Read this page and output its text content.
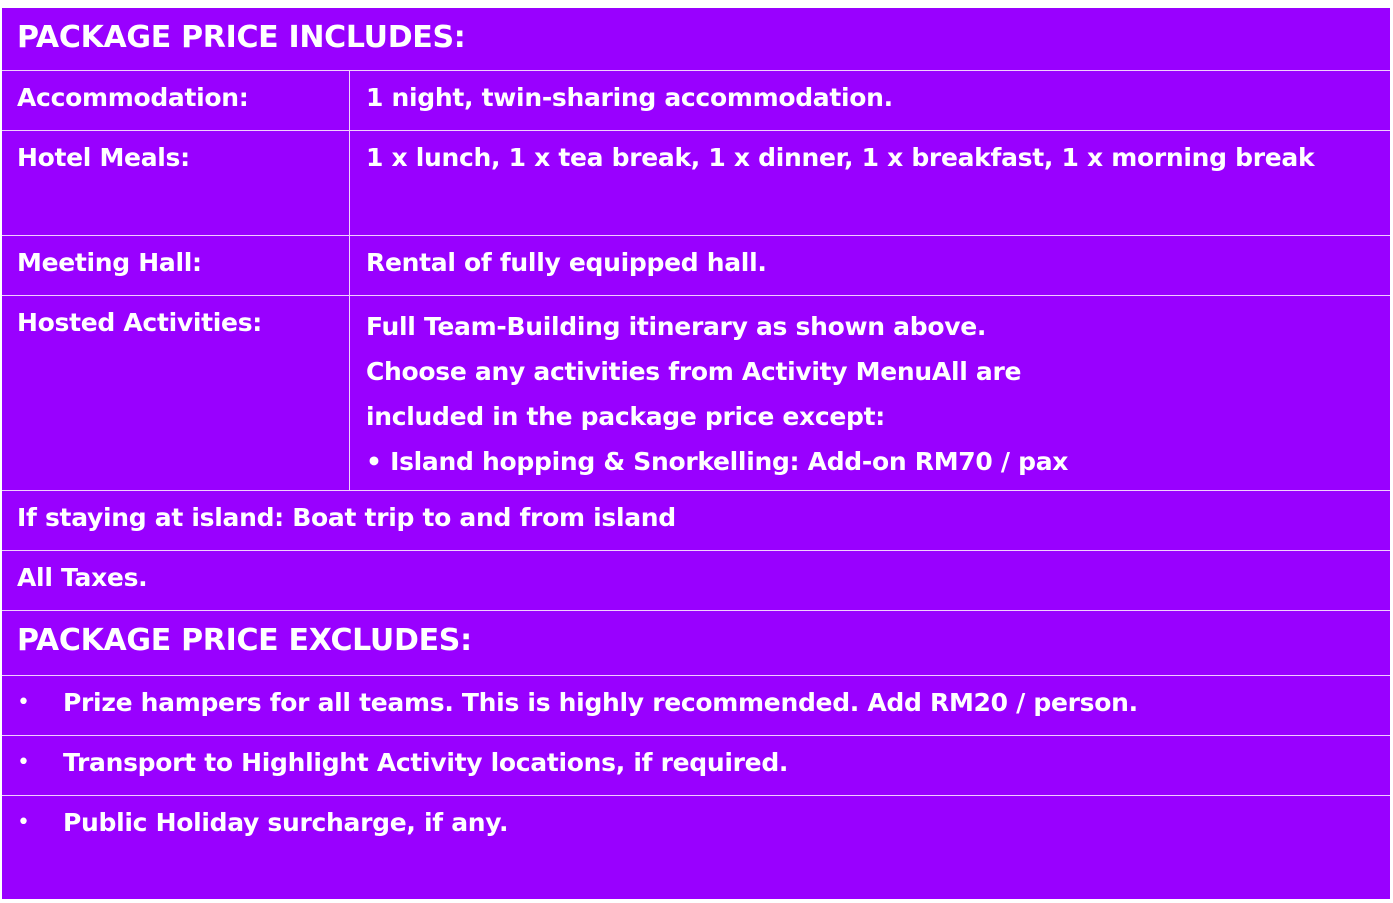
PACKAGE PRICE INCLUDES:
Accommodation:	1 night, twin-sharing accommodation.
Hotel Meals:	1 x lunch, 1 x tea break, 1 x dinner, 1 x breakfast, 1 x morning break
Meeting Hall:	Rental of fully equipped hall.
Hosted Activities:	Full Team-Building itinerary as shown above.
Choose any activities from Activity MenuAll are
included in the package price except:
• Island hopping & Snorkelling: Add-on RM70 / pax
If staying at island: Boat trip to and from island
All Taxes.
PACKAGE PRICE EXCLUDES:
• Prize hampers for all teams. This is highly recommended. Add RM20 / person.
• Transport to Highlight Activity locations, if required.
• Public Holiday surcharge, if any.
